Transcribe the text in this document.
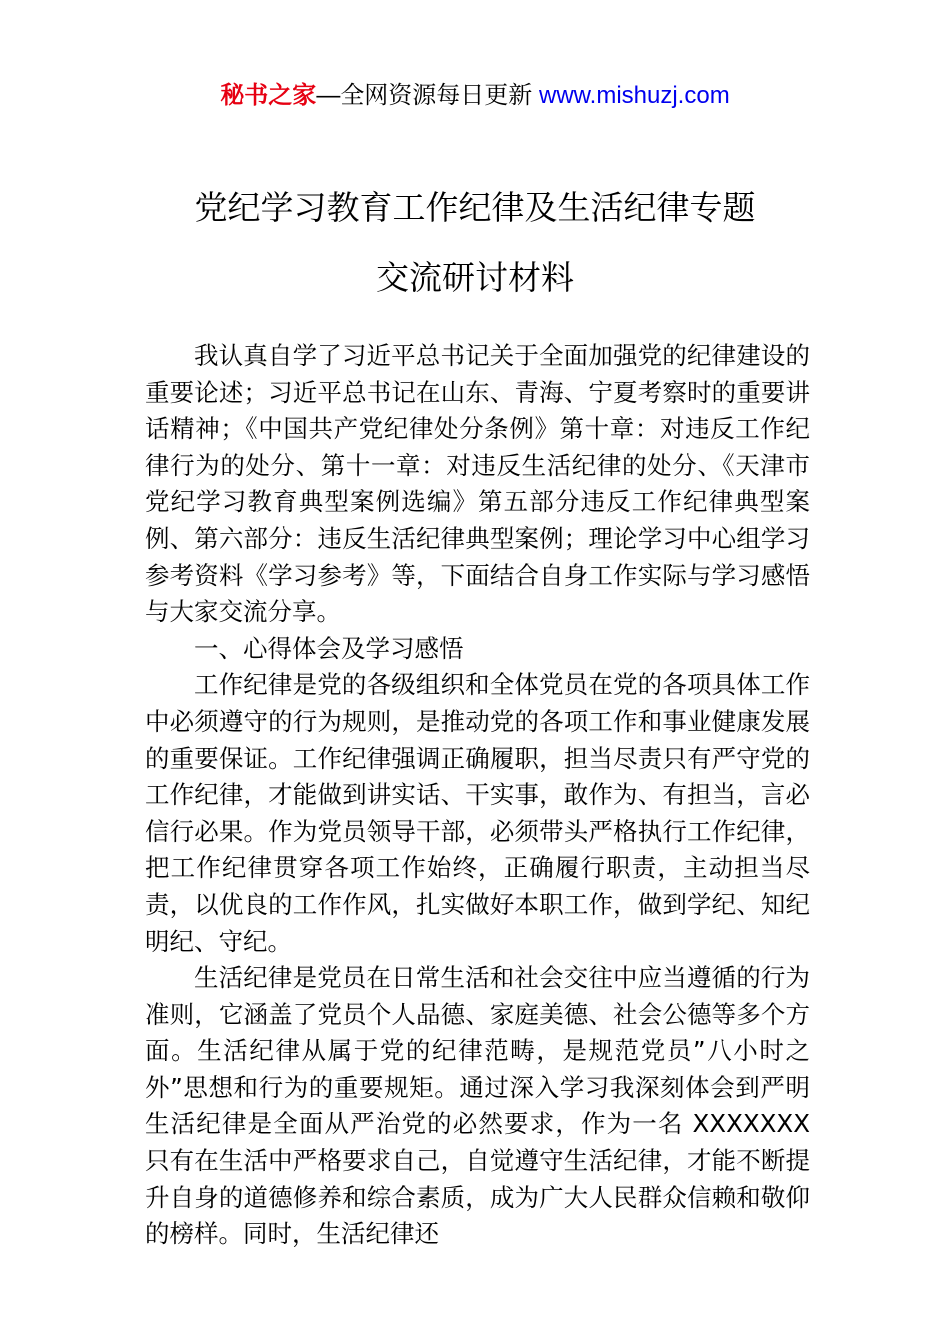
秘书之家—全网资源每日更新 www.mishuzj.com
党纪学习教育工作纪律及生活纪律专题
交流研讨材料

我认真自学了习近平总书记关于全面加强党的纪律建设的重要论述；习近平总书记在山东、青海、宁夏考察时的重要讲话精神；《中国共产党纪律处分条例》第十章：对违反工作纪律行为的处分、第十一章：对违反生活纪律的处分、《天津市党纪学习教育典型案例选编》第五部分违反工作纪律典型案例、第六部分：违反生活纪律典型案例；理论学习中心组学习参考资料《学习参考》等，下面结合自身工作实际与学习感悟与大家交流分享。

一、心得体会及学习感悟

工作纪律是党的各级组织和全体党员在党的各项具体工作中必须遵守的行为规则，是推动党的各项工作和事业健康发展的重要保证。工作纪律强调正确履职，担当尽责只有严守党的工作纪律，才能做到讲实话、干实事，敢作为、有担当，言必信行必果。作为党员领导干部，必须带头严格执行工作纪律，把工作纪律贯穿各项工作始终，正确履行职责，主动担当尽责，以优良的工作作风，扎实做好本职工作，做到学纪、知纪明纪、守纪。

生活纪律是党员在日常生活和社会交往中应当遵循的行为准则，它涵盖了党员个人品德、家庭美德、社会公德等多个方面。生活纪律从属于党的纪律范畴，是规范党员”八小时之外”思想和行为的重要规矩。通过深入学习我深刻体会到严明生活纪律是全面从严治党的必然要求，作为一名 XXXXXXX 只有在生活中严格要求自己，自觉遵守生活纪律，才能不断提升自身的道德修养和综合素质，成为广大人民群众信赖和敬仰的榜样。同时，生活纪律还
